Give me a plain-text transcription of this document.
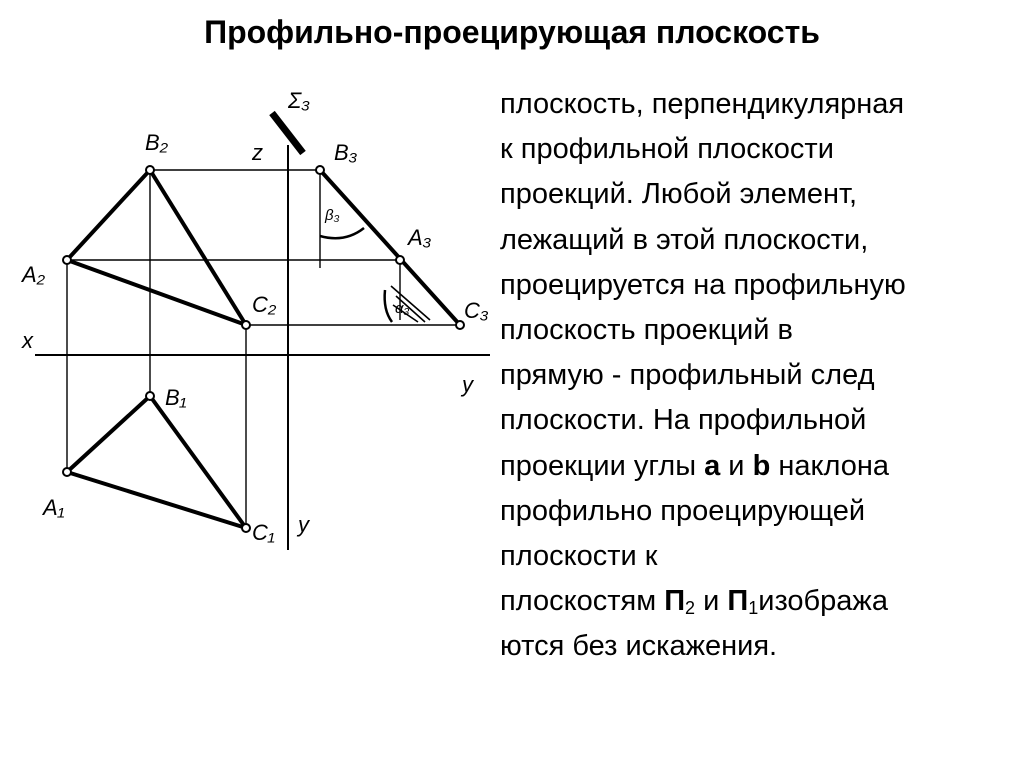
Профильно-проецирующая плоскость
Σ₃
z
x
y
y
B₂
A₂
C₂
B₃
A₃
C₃
B₁
A₁
C₁
β₃
α₃
плоскость, перпендикулярная
к профильной плоскости
проекций. Любой элемент,
лежащий в этой плоскости,
проецируется на профильную
плоскость проекций в
прямую - профильный след
плоскости. На профильной
проекции углы a и b наклона
профильно проецирующей
плоскости к
плоскостям $П_2$ и $П_1изобража$
ются без искажения.
